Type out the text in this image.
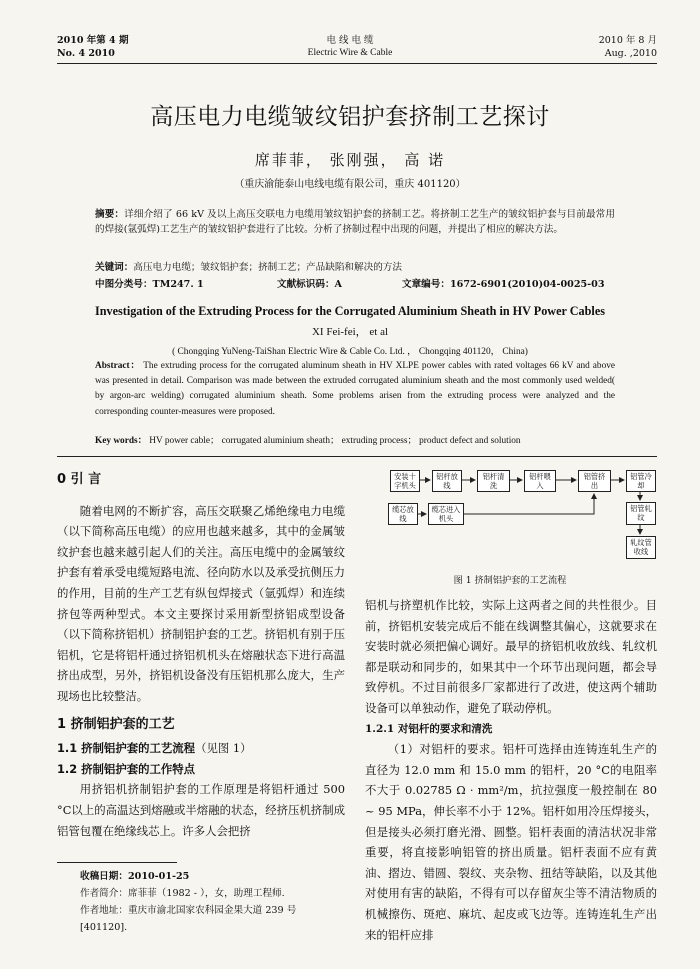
2010 年第 4 期
No. 4 2010
电 线 电 缆
Electric Wire & Cable
2010 年 8 月
Aug. ,2010
高压电力电缆皱纹铝护套挤制工艺探讨
席菲菲， 张刚强， 高 诺
（重庆渝能泰山电线电缆有限公司，重庆 401120）
摘要：详细介绍了 66 kV 及以上高压交联电力电缆用皱纹铝护套的挤制工艺。将挤制工艺生产的皱纹铝护套与目前最常用的焊接(氩弧焊)工艺生产的皱纹铝护套进行了比较。分析了挤制过程中出现的问题，并提出了相应的解决方法。
关键词：高压电力电缆；皱纹铝护套；挤制工艺；产品缺陷和解决的方法
中图分类号：TM247. 1	文献标识码：A	文章编号：1672-6901(2010)04-0025-03
Investigation of the Extruding Process for the Corrugated Aluminium Sheath in HV Power Cables
XI Fei-fei， et al
( Chongqing YuNeng-TaiShan Electric Wire & Cable Co. Ltd. ， Chongqing 401120， China)
Abstract： The extruding process for the corrugated aluminum sheath in HV XLPE power cables with rated voltages 66 kV and above was presented in detail. Comparison was made between the extruded corrugated aluminium sheath and the most commonly used welded( by argon-arc welding) corrugated aluminium sheath. Some problems arisen from the extruding process were analyzed and the corresponding counter-measures were proposed.
Key words： HV power cable； corrugated aluminium sheath； extruding process； product defect and solution
0 引 言

随着电网的不断扩容，高压交联聚乙烯绝缘电力电缆（以下简称高压电缆）的应用也越来越多，其中的金属皱纹护套也越来越引起人们的关注。高压电缆中的金属皱纹护套有着承受电缆短路电流、径向防水以及承受抗侧压力的作用，目前的生产工艺有纵包焊接式（氩弧焊）和连续挤包等两种型式。本文主要探讨采用新型挤铝成型设备（以下简称挤铝机）挤制铝护套的工艺。挤铝机有别于压铝机，它是将铝杆通过挤铝机机头在熔融状态下进行高温挤出成型，另外，挤铝机设备没有压铝机那么庞大，生产现场也比较整洁。

1 挤制铝护套的工艺
1.1 挤制铝护套的工艺流程（见图 1）
1.2 挤制铝护套的工作特点

用挤铝机挤制铝护套的工作原理是将铝杆通过 500 °C以上的高温达到熔融或半熔融的状态，经挤压机挤制成铝管包覆在绝缘线芯上。许多人会把挤

收稿日期：2010-01-25
作者简介：席菲菲（1982 - ），女，助理工程师.
作者地址：重庆市渝北国家农科园金果大道 239 号 [401120].
安装十字机头
铝杆放线
铝杆清洗
铝杆喂入
铝管挤出
铝管冷却
铝管轧纹
轧纹管收线
缆芯放线
缆芯进入机头
图 1 挤制铝护套的工艺流程
铝机与挤塑机作比较，实际上这两者之间的共性很少。目前，挤铝机安装完成后不能在线调整其偏心，这就要求在安装时就必须把偏心调好。最早的挤铝机收放线、轧纹机都是联动和同步的，如果其中一个环节出现问题，都会导致停机。不过目前很多厂家都进行了改进，使这两个辅助设备可以单独动作，避免了联动停机。
1.2.1 对铝杆的要求和清洗

（1）对铝杆的要求。铝杆可选择由连铸连轧生产的直径为 12.0 mm 和 15.0 mm 的铝杆，20 °C的电阻率不大于 0.02785 Ω · mm²/m，抗拉强度一般控制在 80 ~ 95 MPa，伸长率不小于 12%。铝杆如用冷压焊接头，但是接头必须打磨光滑、圆整。铝杆表面的清洁状况非常重要，将直接影响铝管的挤出质量。铝杆表面不应有黄油、摺边、错圆、裂纹、夹杂物、扭结等缺陷，以及其他对使用有害的缺陷，不得有可以存留灰尘等不清洁物质的机械擦伤、斑疤、麻坑、起皮或飞边等。连铸连轧生产出来的铝杆应排
